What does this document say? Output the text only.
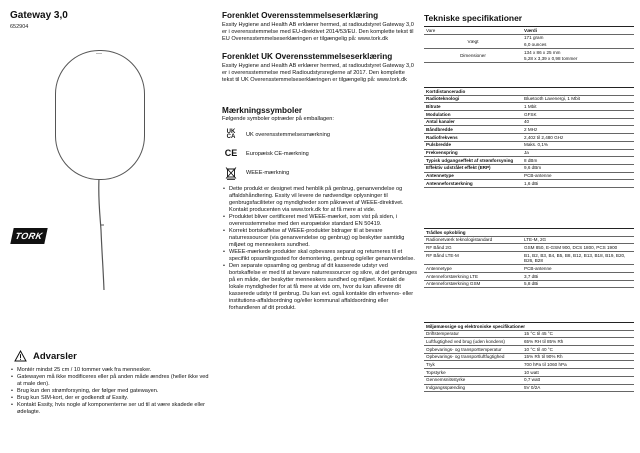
Gateway 3,0
652904
TORK
Advarsler
• Montér mindst 25 cm / 10 tommer væk fra mennesker.
• Gatewayen må ikke modificeres eller på anden måde ændres (heller ikke ved at male den).
• Brug kun den strømforsyning, der følger med gatewayen.
• Brug kun SIM-kort, der er godkendt af Essity.
• Kontakt Essity, hvis nogle af komponenterne ser ud til at være skadede eller ødelagte.
Forenklet Overensstemmelseserklæring

Essity Hygiene and Health AB erklærer hermed, at radioudstyret Gateway 3,0 er i overensstemmelse med EU-direktivet 2014/53/EU. Den komplette tekst til EU Overensstemmelseserklæringen er tilgængelig på: www.tork.dk

Forenklet UK Overensstemmelseserklæring

Essity Hygiene and Health AB erklærer hermed, at radioudstyret Gateway 3,0 er i overensstemmelse med Radioudstyrsreglerne af 2017. Den komplette tekst til UK Overensstemmelseserklæringen er tilgængelig på: www.tork.dk

Mærkningssymboler

Følgende symboler optræder på emballagen:

UK
CA	UK overensstemmelsesmærkning
CE	Europæisk CE-mærkning
WEEE-mærkning
• Dette produkt er designet med henblik på genbrug, genanvendelse og affaldshåndtering. Essity vil levere de nødvendige oplysninger til genbrugsfaciliteter og myndigheder som påkrævet af WEEE-direktivet. Kontakt producenten via www.tork.dk for at få mere at vide.
• Produktet bliver certificeret med WEEE-mærket, som vist på siden, i overensstemmelse med den europæiske standard EN 50419.
• Korrekt bortskaffelse af WEEE-produkter bidrager til at bevare naturressourcer (via genanvendelse og genbrug) og beskytter samtidig miljøet og menneskers sundhed.
• WEEE-mærkede produkter skal opbevares separat og returneres til et specifikt opsamlingssted for demontering, genbrug og/eller genanvendelse.
• Den separate opsamling og genbrug af dit kasserede udstyr ved bortskaffelse er med til at bevare naturressourcer og sikre, at det genbruges på en måde, der beskytter menneskers sundhed og miljøet. Kontakt de lokale myndigheder for at få mere at vide om, hvor du kan aflevere dit kasserede udstyr til genbrug. Du kan evt. også kontakte din erhvervs- eller institutions-affaldsordning og/eller kommunal affaldsordning eller forhandleren af dit produkt.
Tekniske specifikationer
Vare	Værdi
Vægt	171 gram
	6,0 ounces
Dimensioner	134 x 86 x 25 mm
	5,28 x 3,39 x 0,98 tommer
Kortdistanceradio	
Radioteknologi	Bluetooth Lavenergi, 1 Mbit
Bitrate	1 Mbit
Modulation	GFSK
Antal kanaler	40
Båndbredde	2 MHz
Radiofrekvens	2,402 til 2,480 GHz
Pulsbredde	Maks. 0,1%
Frekvenspring	Ja
Typisk udgangseffekt af strømforsyning	8 dBm
Effektiv udstrålet effekt (ERP)	9,6 dBm
Antennetype	PCB-antenne
Antenneforstærkning	1,6 dBi
Trådløs opkobling	
Radionetværk teknologistandard	LTE-M, 2G
RF Bånd 2G	GSM 850, E-GSM 900, DCS 1800, PCS 1900
RF Bånd LTE-M	B1, B2, B3, B4, B5, B8, B12, B13, B18, B19, B20, B26, B28
Antennetype	PCB-antenne
Antenneforstærkning LTE	3,7 dBi
Antenneforstærkning GSM	5,8 dBi
Miljømæssige og elektroniske specifikationer	
Driftstemperatur	15 °C til 45 °C
Luftfugtighed ved brug (uden kondens)	65% RH til 85% Rh
Opbevarings- og transporttemperatur	10 °C til 40 °C
Opbevarings- og transportluftfugtighed	15% Rh til 90% Rh
Tryk	700 hPa til 1060 hPa
Topstyrke	10 watt
Gennemsnitsstyrke	0,7 watt
Indgangsspænding	5V 0/2A
